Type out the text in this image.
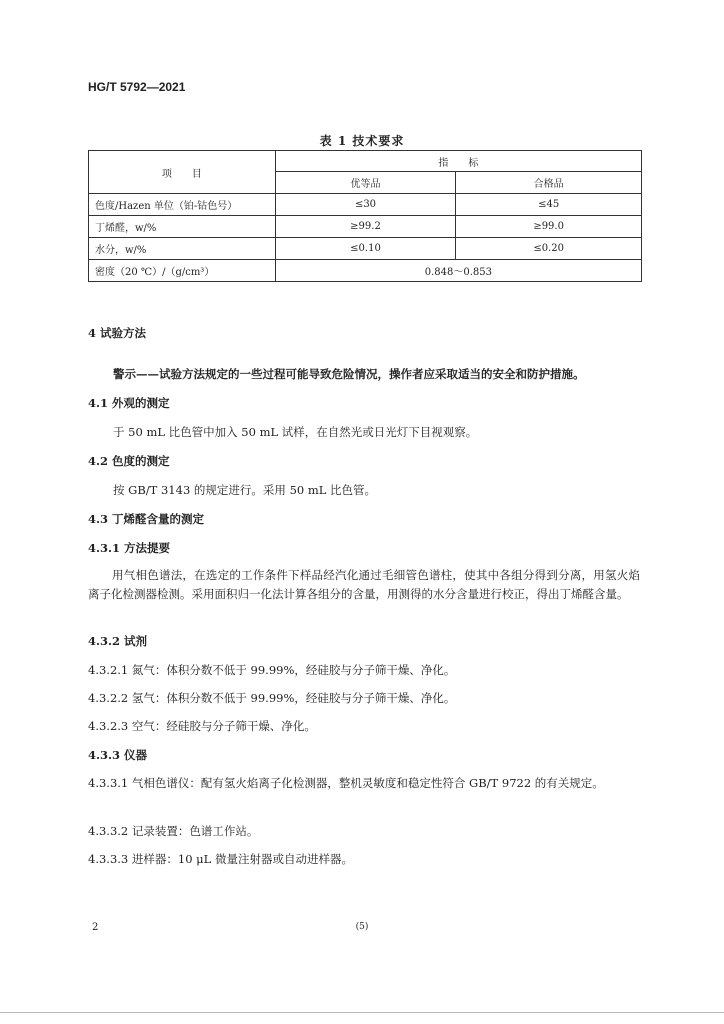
HG/T 5792—2021
表 1 技术要求
项　　目	指　　标	
	优等品	合格品
色度/Hazen 单位（铂-钴色号）	≤30	≤45
丁烯醛，w/%	≥99.2	≥99.0
水分，w/%	≤0.10	≤0.20
密度（20 ℃）/（g/cm³）	0.848～0.853	
4 试验方法
警示——试验方法规定的一些过程可能导致危险情况，操作者应采取适当的安全和防护措施。
4.1 外观的测定
于 50 mL 比色管中加入 50 mL 试样，在自然光或日光灯下目视观察。
4.2 色度的测定
按 GB/T 3143 的规定进行。采用 50 mL 比色管。
4.3 丁烯醛含量的测定
4.3.1 方法提要
用气相色谱法，在选定的工作条件下样品经汽化通过毛细管色谱柱，使其中各组分得到分离，用氢火焰离子化检测器检测。采用面积归一化法计算各组分的含量，用测得的水分含量进行校正，得出丁烯醛含量。
4.3.2 试剂
4.3.2.1 氮气：体积分数不低于 99.99%，经硅胶与分子筛干燥、净化。
4.3.2.2 氢气：体积分数不低于 99.99%，经硅胶与分子筛干燥、净化。
4.3.2.3 空气：经硅胶与分子筛干燥、净化。
4.3.3 仪器
4.3.3.1 气相色谱仪：配有氢火焰离子化检测器，整机灵敏度和稳定性符合 GB/T 9722 的有关规定。
4.3.3.2 记录装置：色谱工作站。
4.3.3.3 进样器：10 μL 微量注射器或自动进样器。
2	(5)
